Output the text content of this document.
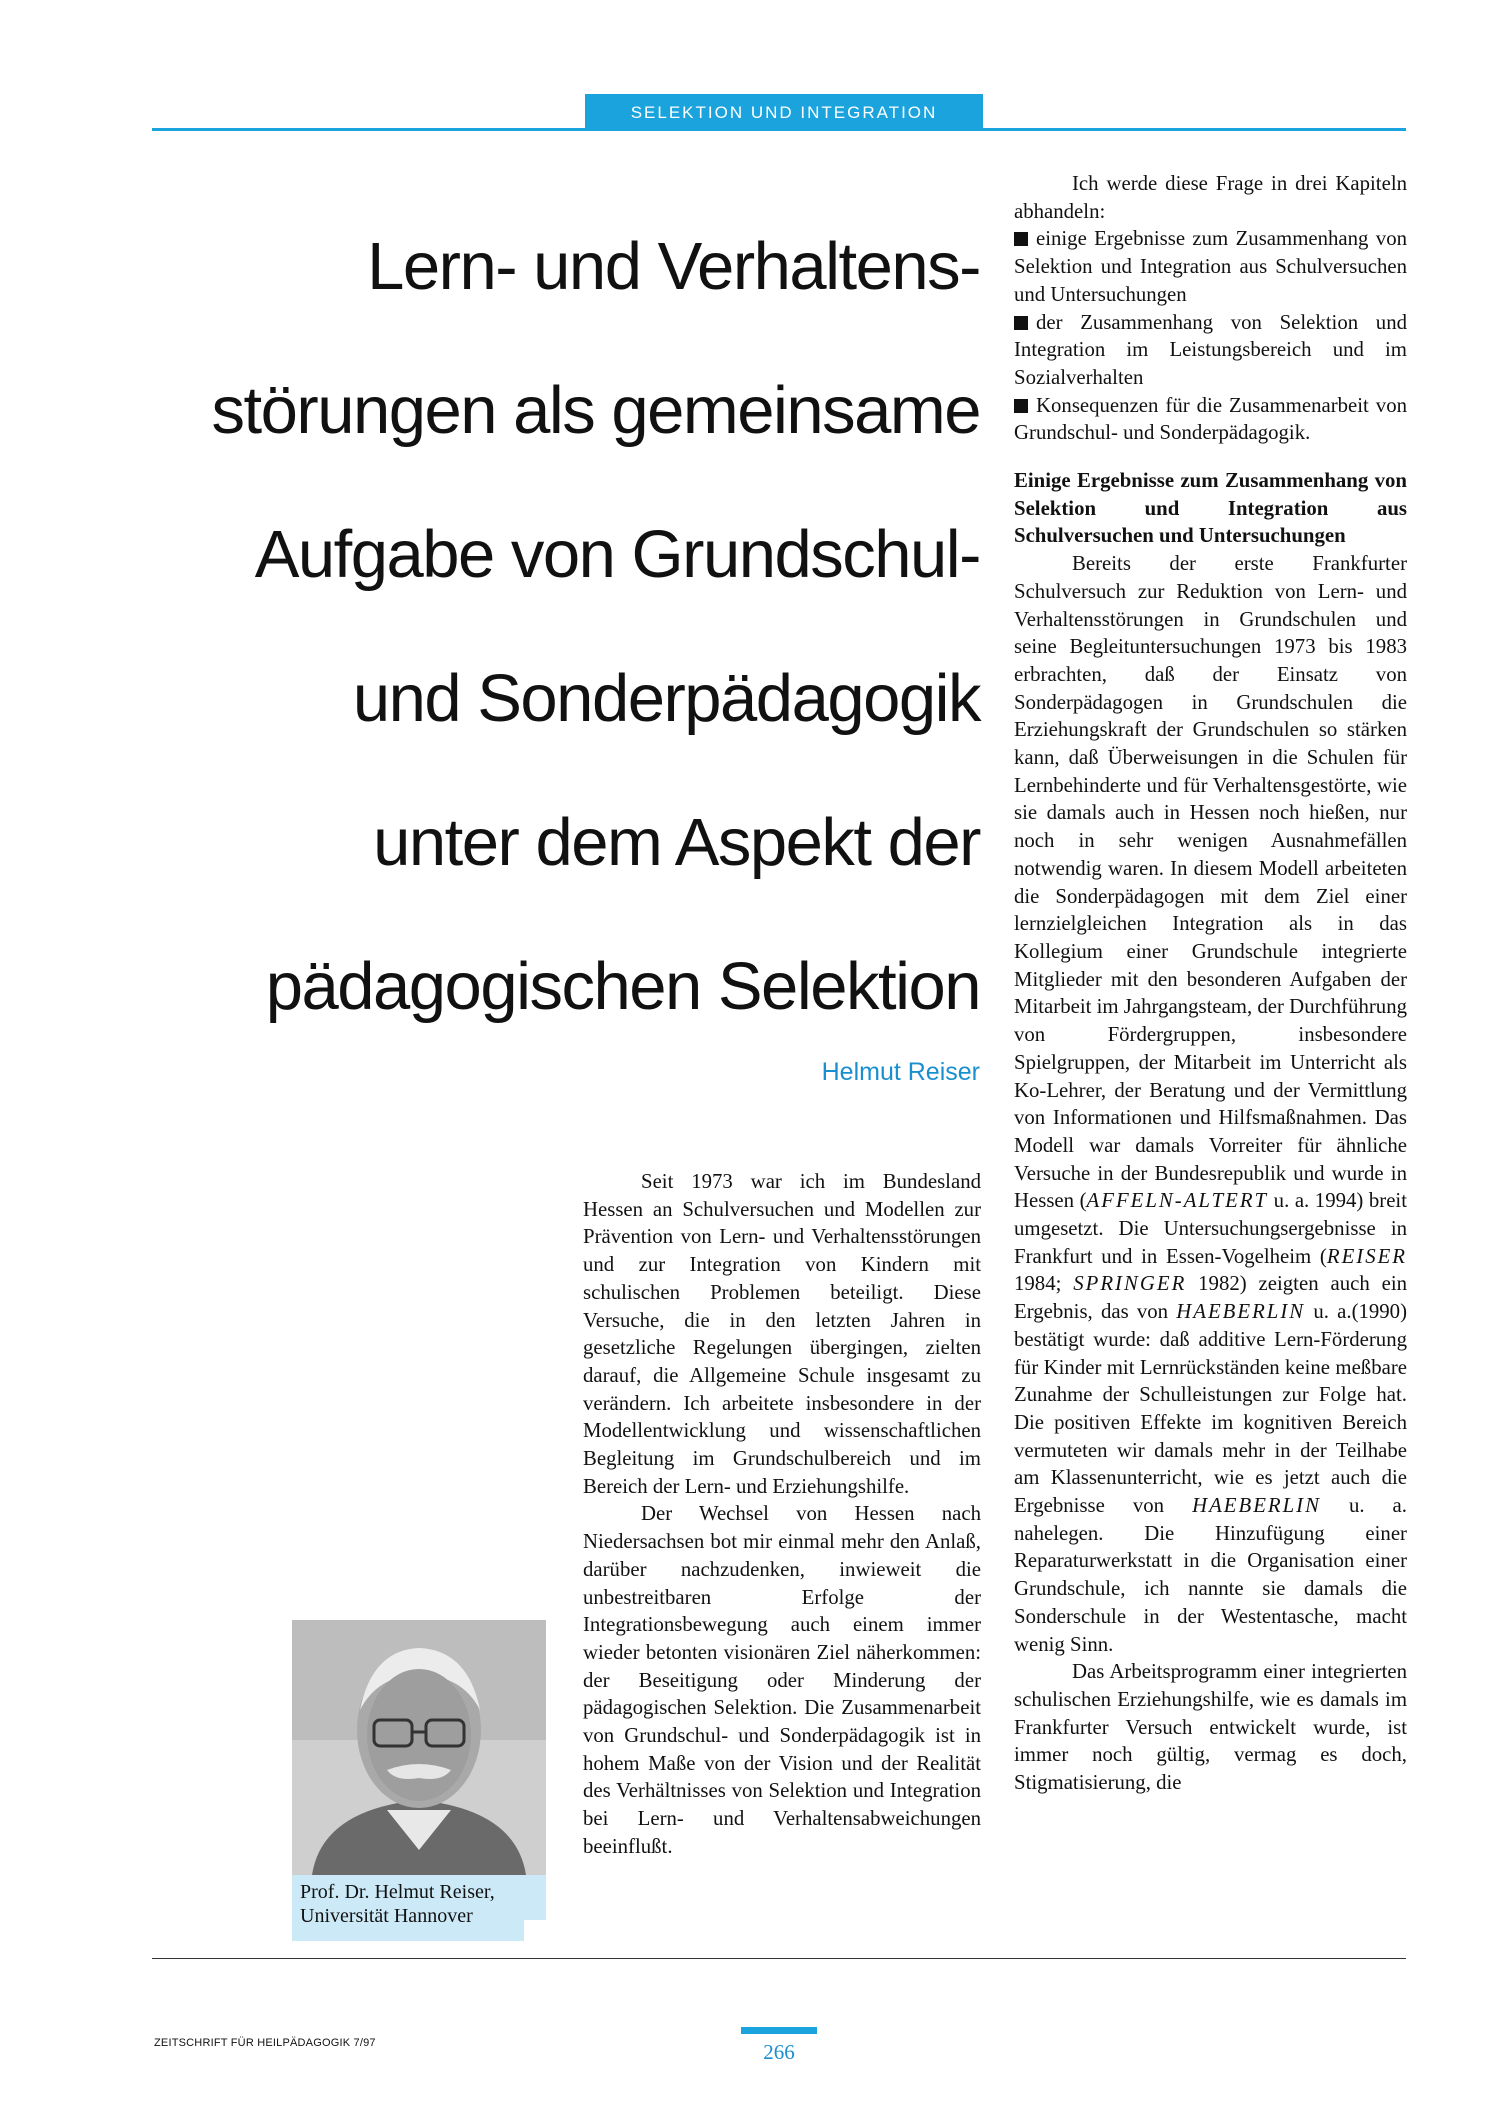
SELEKTION UND INTEGRATION
Lern- und Verhaltens-
störungen als gemeinsame
Aufgabe von Grundschul-
und Sonderpädagogik
unter dem Aspekt der
pädagogischen Selektion
Helmut Reiser
Prof. Dr. Helmut Reiser,
Universität Hannover

Seit 1973 war ich im Bundesland Hessen an Schulversuchen und Modellen zur Prävention von Lern- und Verhaltensstörungen und zur Integration von Kindern mit schulischen Problemen beteiligt. Diese Versuche, die in den letzten Jahren in gesetzliche Regelungen übergingen, zielten darauf, die Allgemeine Schule insgesamt zu verändern. Ich arbeitete insbesondere in der Modellentwicklung und wissenschaftlichen Begleitung im Grundschulbereich und im Bereich der Lern- und Erziehungshilfe.

Der Wechsel von Hessen nach Niedersachsen bot mir einmal mehr den Anlaß, darüber nachzudenken, inwieweit die unbestreitbaren Erfolge der Integrationsbewegung auch einem immer wieder betonten visionären Ziel näherkommen: der Beseitigung oder Minderung der pädagogischen Selektion. Die Zusammenarbeit von Grundschul- und Sonderpädagogik ist in hohem Maße von der Vision und der Realität des Verhältnisses von Selektion und Integration bei Lern- und Verhaltensabweichungen beeinflußt.

Ich werde diese Frage in drei Kapiteln abhandeln:

einige Ergebnisse zum Zusammenhang von Selektion und Integration aus Schulversuchen und Untersuchungen

der Zusammenhang von Selektion und Integration im Leistungsbereich und im Sozialverhalten

Konsequenzen für die Zusammenarbeit von Grundschul- und Sonderpädagogik.

Einige Ergebnisse zum Zusammenhang von Selektion und Integration aus Schulversuchen und Untersuchungen

Bereits der erste Frankfurter Schulversuch zur Reduktion von Lern- und Verhaltensstörungen in Grundschulen und seine Begleituntersuchungen 1973 bis 1983 erbrachten, daß der Einsatz von Sonderpädagogen in Grundschulen die Erziehungskraft der Grundschulen so stärken kann, daß Überweisungen in die Schulen für Lernbehinderte und für Verhaltensgestörte, wie sie damals auch in Hessen noch hießen, nur noch in sehr wenigen Ausnahmefällen notwendig waren. In diesem Modell arbeiteten die Sonderpädagogen mit dem Ziel einer lernzielgleichen Integration als in das Kollegium einer Grundschule integrierte Mitglieder mit den besonderen Aufgaben der Mitarbeit im Jahrgangsteam, der Durchführung von Fördergruppen, insbesondere Spielgruppen, der Mitarbeit im Unterricht als Ko-Lehrer, der Beratung und der Vermittlung von Informationen und Hilfsmaßnahmen. Das Modell war damals Vorreiter für ähnliche Versuche in der Bundesrepublik und wurde in Hessen (AFFELN-ALTERT u. a. 1994) breit umgesetzt. Die Untersuchungsergebnisse in Frankfurt und in Essen-Vogelheim (REISER 1984; SPRINGER 1982) zeigten auch ein Ergebnis, das von HAEBERLIN u. a.(1990) bestätigt wurde: daß additive Lern-Förderung für Kinder mit Lernrückständen keine meßbare Zunahme der Schulleistungen zur Folge hat. Die positiven Effekte im kognitiven Bereich vermuteten wir damals mehr in der Teilhabe am Klassenunterricht, wie es jetzt auch die Ergebnisse von HAEBERLIN u. a. nahelegen. Die Hinzufügung einer Reparaturwerkstatt in die Organisation einer Grundschule, ich nannte sie damals die Sonderschule in der Westentasche, macht wenig Sinn.

Das Arbeitsprogramm einer integrierten schulischen Erziehungshilfe, wie es damals im Frankfurter Versuch entwickelt wurde, ist immer noch gültig, vermag es doch, Stigmatisierung, die

ZEITSCHRIFT FÜR HEILPÄDAGOGIK 7/97	266
